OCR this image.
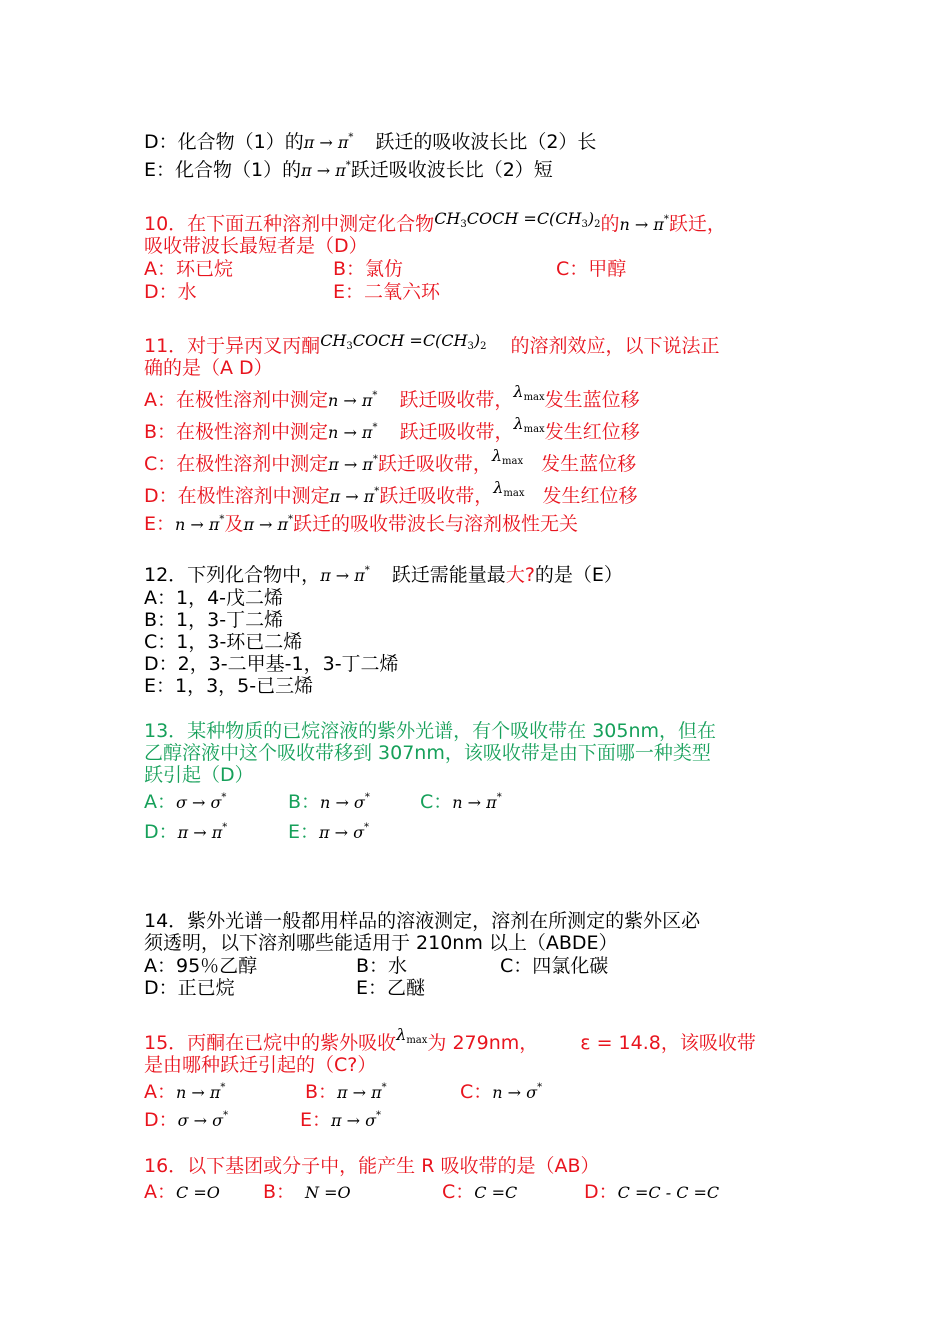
D：化合物（1）的π → π* 跃迁的吸收波长比（2）长
E：化合物（1）的π → π*跃迁吸收波长比（2）短
10．在下面五种溶剂中测定化合物$^{CH_3COCH =C(CH_3)_2}$的n → π*跃迁，
吸收带波长最短者是（D）
A：环已烷	B：氯仿	C：甲醇
D：水	E：二氧六环
11．对于异丙叉丙酮$^{CH_3COCH =C(CH_3)_2}$ 的溶剂效应，以下说法正
确的是（A D）
A：在极性溶剂中测定n → π* 跃迁吸收带，$^{\lambda_{max}}$发生蓝位移
B：在极性溶剂中测定n → π* 跃迁吸收带，$^{\lambda_{max}}$发生红位移
C：在极性溶剂中测定π → π*跃迁吸收带，$^{\lambda_{max}}$ 发生蓝位移
D：在极性溶剂中测定π → π*跃迁吸收带，$^{\lambda_{max}}$ 发生红位移
E：n → π*及π → π*跃迁的吸收带波长与溶剂极性无关
12．下列化合物中，π → π* 跃迁需能量最大?的是（E）
A：1，4-戊二烯
B：1，3-丁二烯
C：1，3-环已二烯
D：2，3-二甲基-1，3-丁二烯
E：1，3，5-已三烯
13．某种物质的已烷溶液的紫外光谱，有个吸收带在 305nm，但在
乙醇溶液中这个吸收带移到 307nm，该吸收带是由下面哪一种类型
跃引起（D）
A：σ → σ*	B：n → σ*	C：n → π*
D：π → π*	E：π → σ*
14．紫外光谱一般都用样品的溶液测定，溶剂在所测定的紫外区必
须透明，以下溶剂哪些能适用于 210nm 以上（ABDE）
A：95％乙醇	B：水	C：四氯化碳
D：正已烷	E：乙醚
15．丙酮在已烷中的紫外吸收$^{\lambda_{max}}$为 279nm， ε = 14.8，该吸收带
是由哪种跃迁引起的（C?）
A：n → π*	B：π → π*	C：n → σ*
D：σ → σ*	E：π → σ*
16．以下基团或分子中，能产生 R 吸收带的是（AB）
A：C =O B： N =O	C：C =C	D：C =C - C =C
